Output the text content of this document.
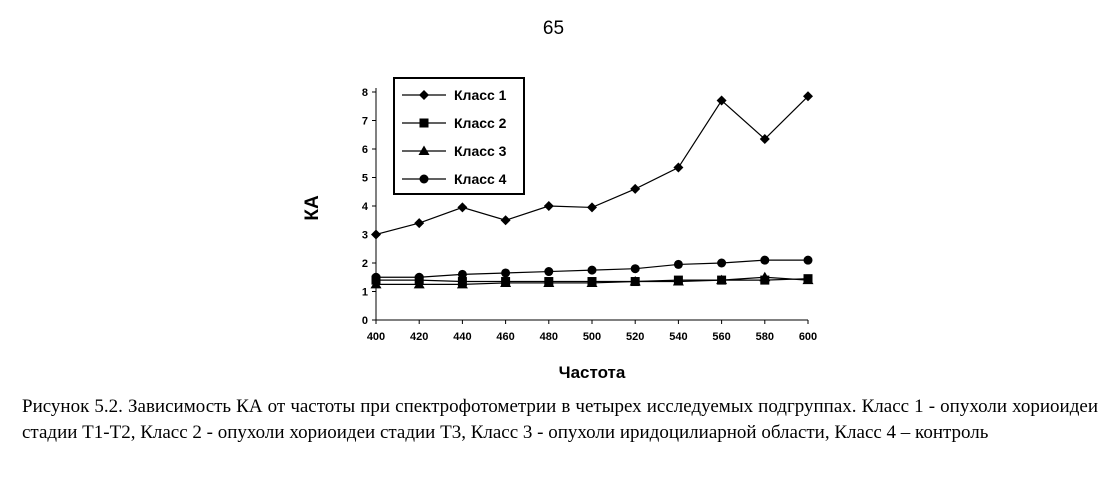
65
0
1
2
3
4
5
6
7
8
400 420 440 460 480 500 520 540 560 580 600
Частота
КА
Класс 1
Класс 2
Класс 3
Класс 4
Рисунок 5.2. Зависимость КА от частоты при спектрофотометрии в четырех исследуемых подгруппах. Класс 1 - опухоли хориоидеи стадии Т1-Т2, Класс 2 - опухоли хориоидеи стадии Т3, Класс 3 - опухоли иридоцилиарной области, Класс 4 – контроль
